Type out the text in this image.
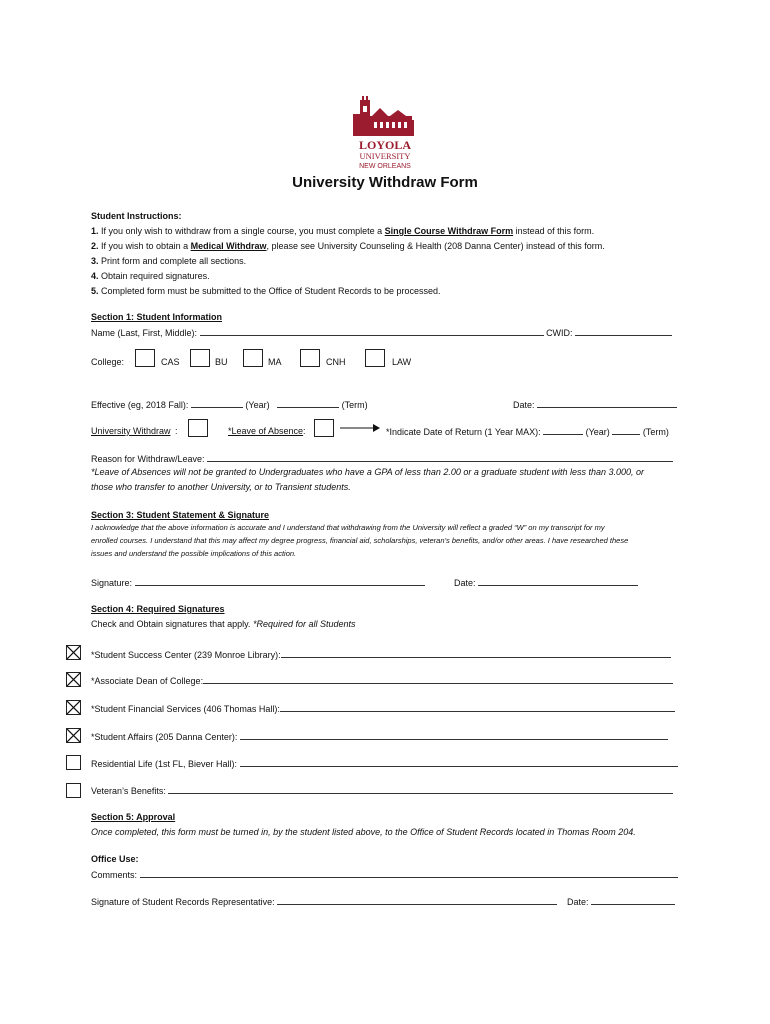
LOYOLA
UNIVERSITY
NEW ORLEANS
University Withdraw Form
Student Instructions:
1. If you only wish to withdraw from a single course, you must complete a Single Course Withdraw Form instead of this form.
2. If you wish to obtain a Medical Withdraw, please see University Counseling & Health (208 Danna Center) instead of this form.
3. Print form and complete all sections.
4. Obtain required signatures.
5. Completed form must be submitted to the Office of Student Records to be processed.
Section 1: Student Information
Name (Last, First, Middle):	CWID:
College:	CAS	BU	MA	CNH	LAW
Effective (eg, 2018 Fall):	(Year)	(Term)	Date:
University Withdraw :	*Leave of Absence :	*Indicate Date of Return (1 Year MAX):	(Year)	(Term)
Reason for Withdraw/Leave:
*Leave of Absences will not be granted to Undergraduates who have a GPA of less than 2.00 or a graduate student with less than 3.000, or
those who transfer to another University, or to Transient students.
Section 3: Student Statement & Signature
I acknowledge that the above information is accurate and I understand that withdrawing from the University will reflect a graded “W” on my transcript for my
enrolled courses. I understand that this may affect my degree progress, financial aid, scholarships, veteran’s benefits, and/or other areas. I have researched these
issues and understand the possible implications of this action.
Signature:	Date:
Section 4: Required Signatures
Check and Obtain signatures that apply. *Required for all Students
*Student Success Center (239 Monroe Library):
*Associate Dean of College:
*Student Financial Services (406 Thomas Hall):
*Student Affairs (205 Danna Center):
Residential Life (1st FL, Biever Hall):
Veteran’s Benefits:
Section 5: Approval
Once completed, this form must be turned in, by the student listed above, to the Office of Student Records located in Thomas Room 204.
Office Use:
Comments:
Signature of Student Records Representative:	Date:
